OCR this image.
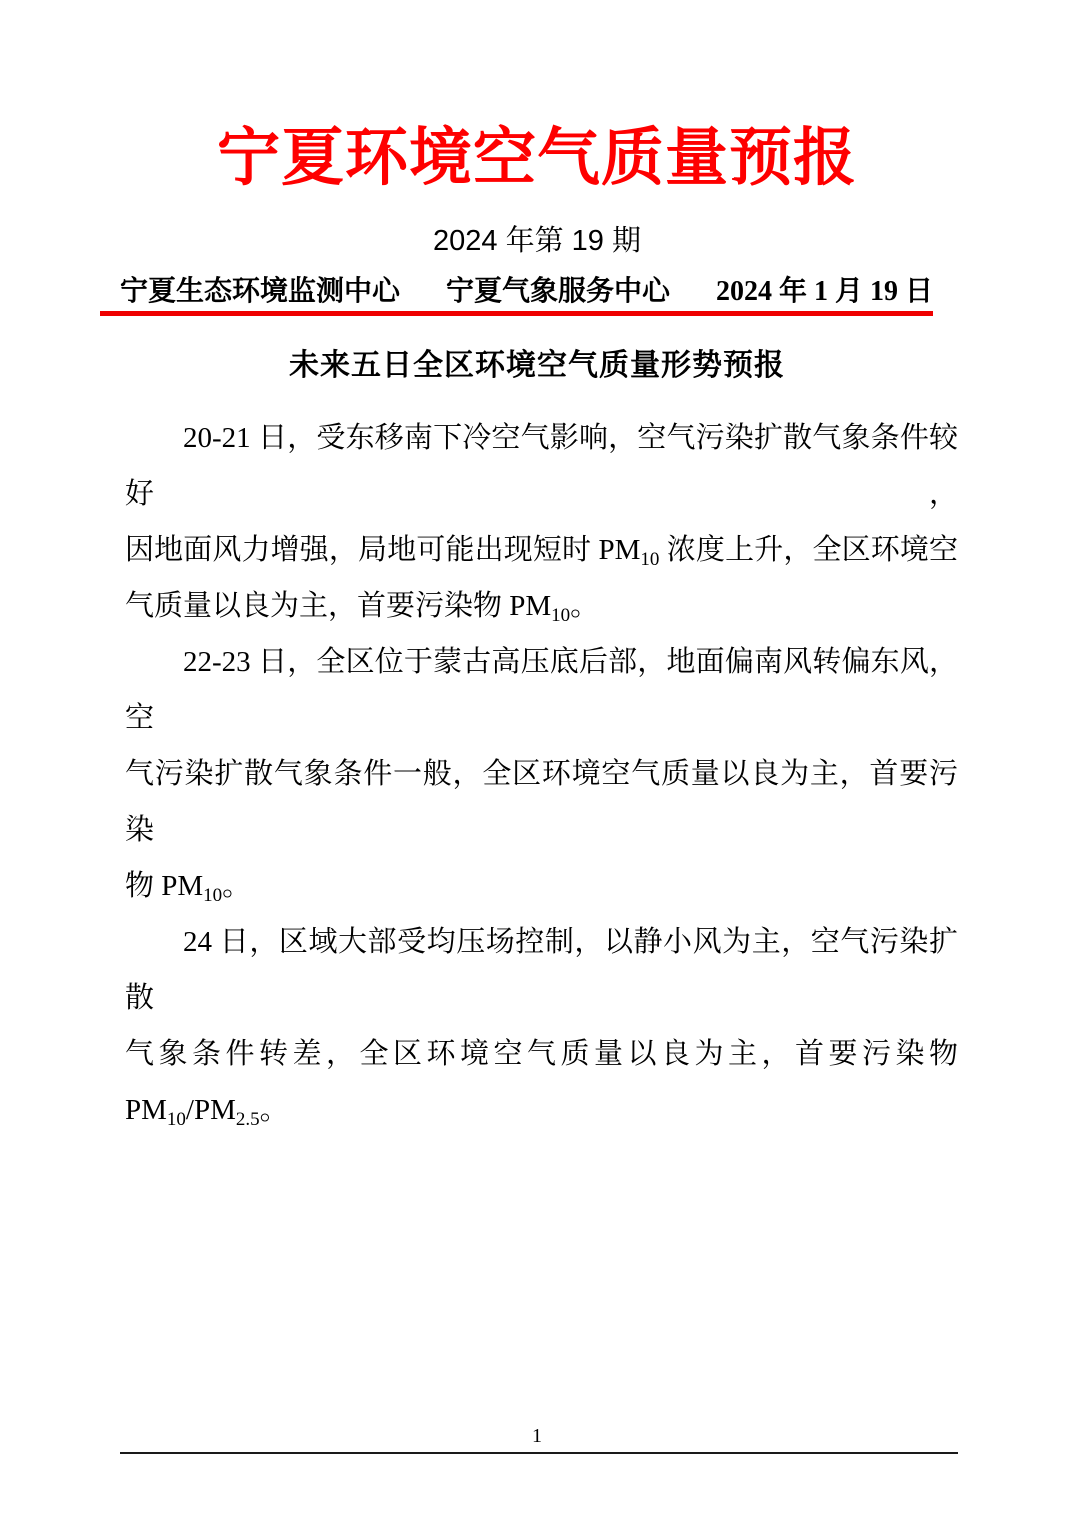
宁夏环境空气质量预报
2024 年第 19 期
宁夏生态环境监测中心 宁夏气象服务中心 2024 年 1 月 19 日
未来五日全区环境空气质量形势预报
20-21 日，受东移南下冷空气影响，空气污染扩散气象条件较好，
因地面风力增强，局地可能出现短时 $PM_{10}$ 浓度上升，全区环境空
气质量以良为主，首要污染物 $PM_{10}$。
22-23 日，全区位于蒙古高压底后部，地面偏南风转偏东风，空
气污染扩散气象条件一般，全区环境空气质量以良为主，首要污染
物 $PM_{10}$。
24 日，区域大部受均压场控制，以静小风为主，空气污染扩散
气象条件转差，全区环境空气质量以良为主，首要污染物
$PM_{10}/PM_{2.5}$。
1
